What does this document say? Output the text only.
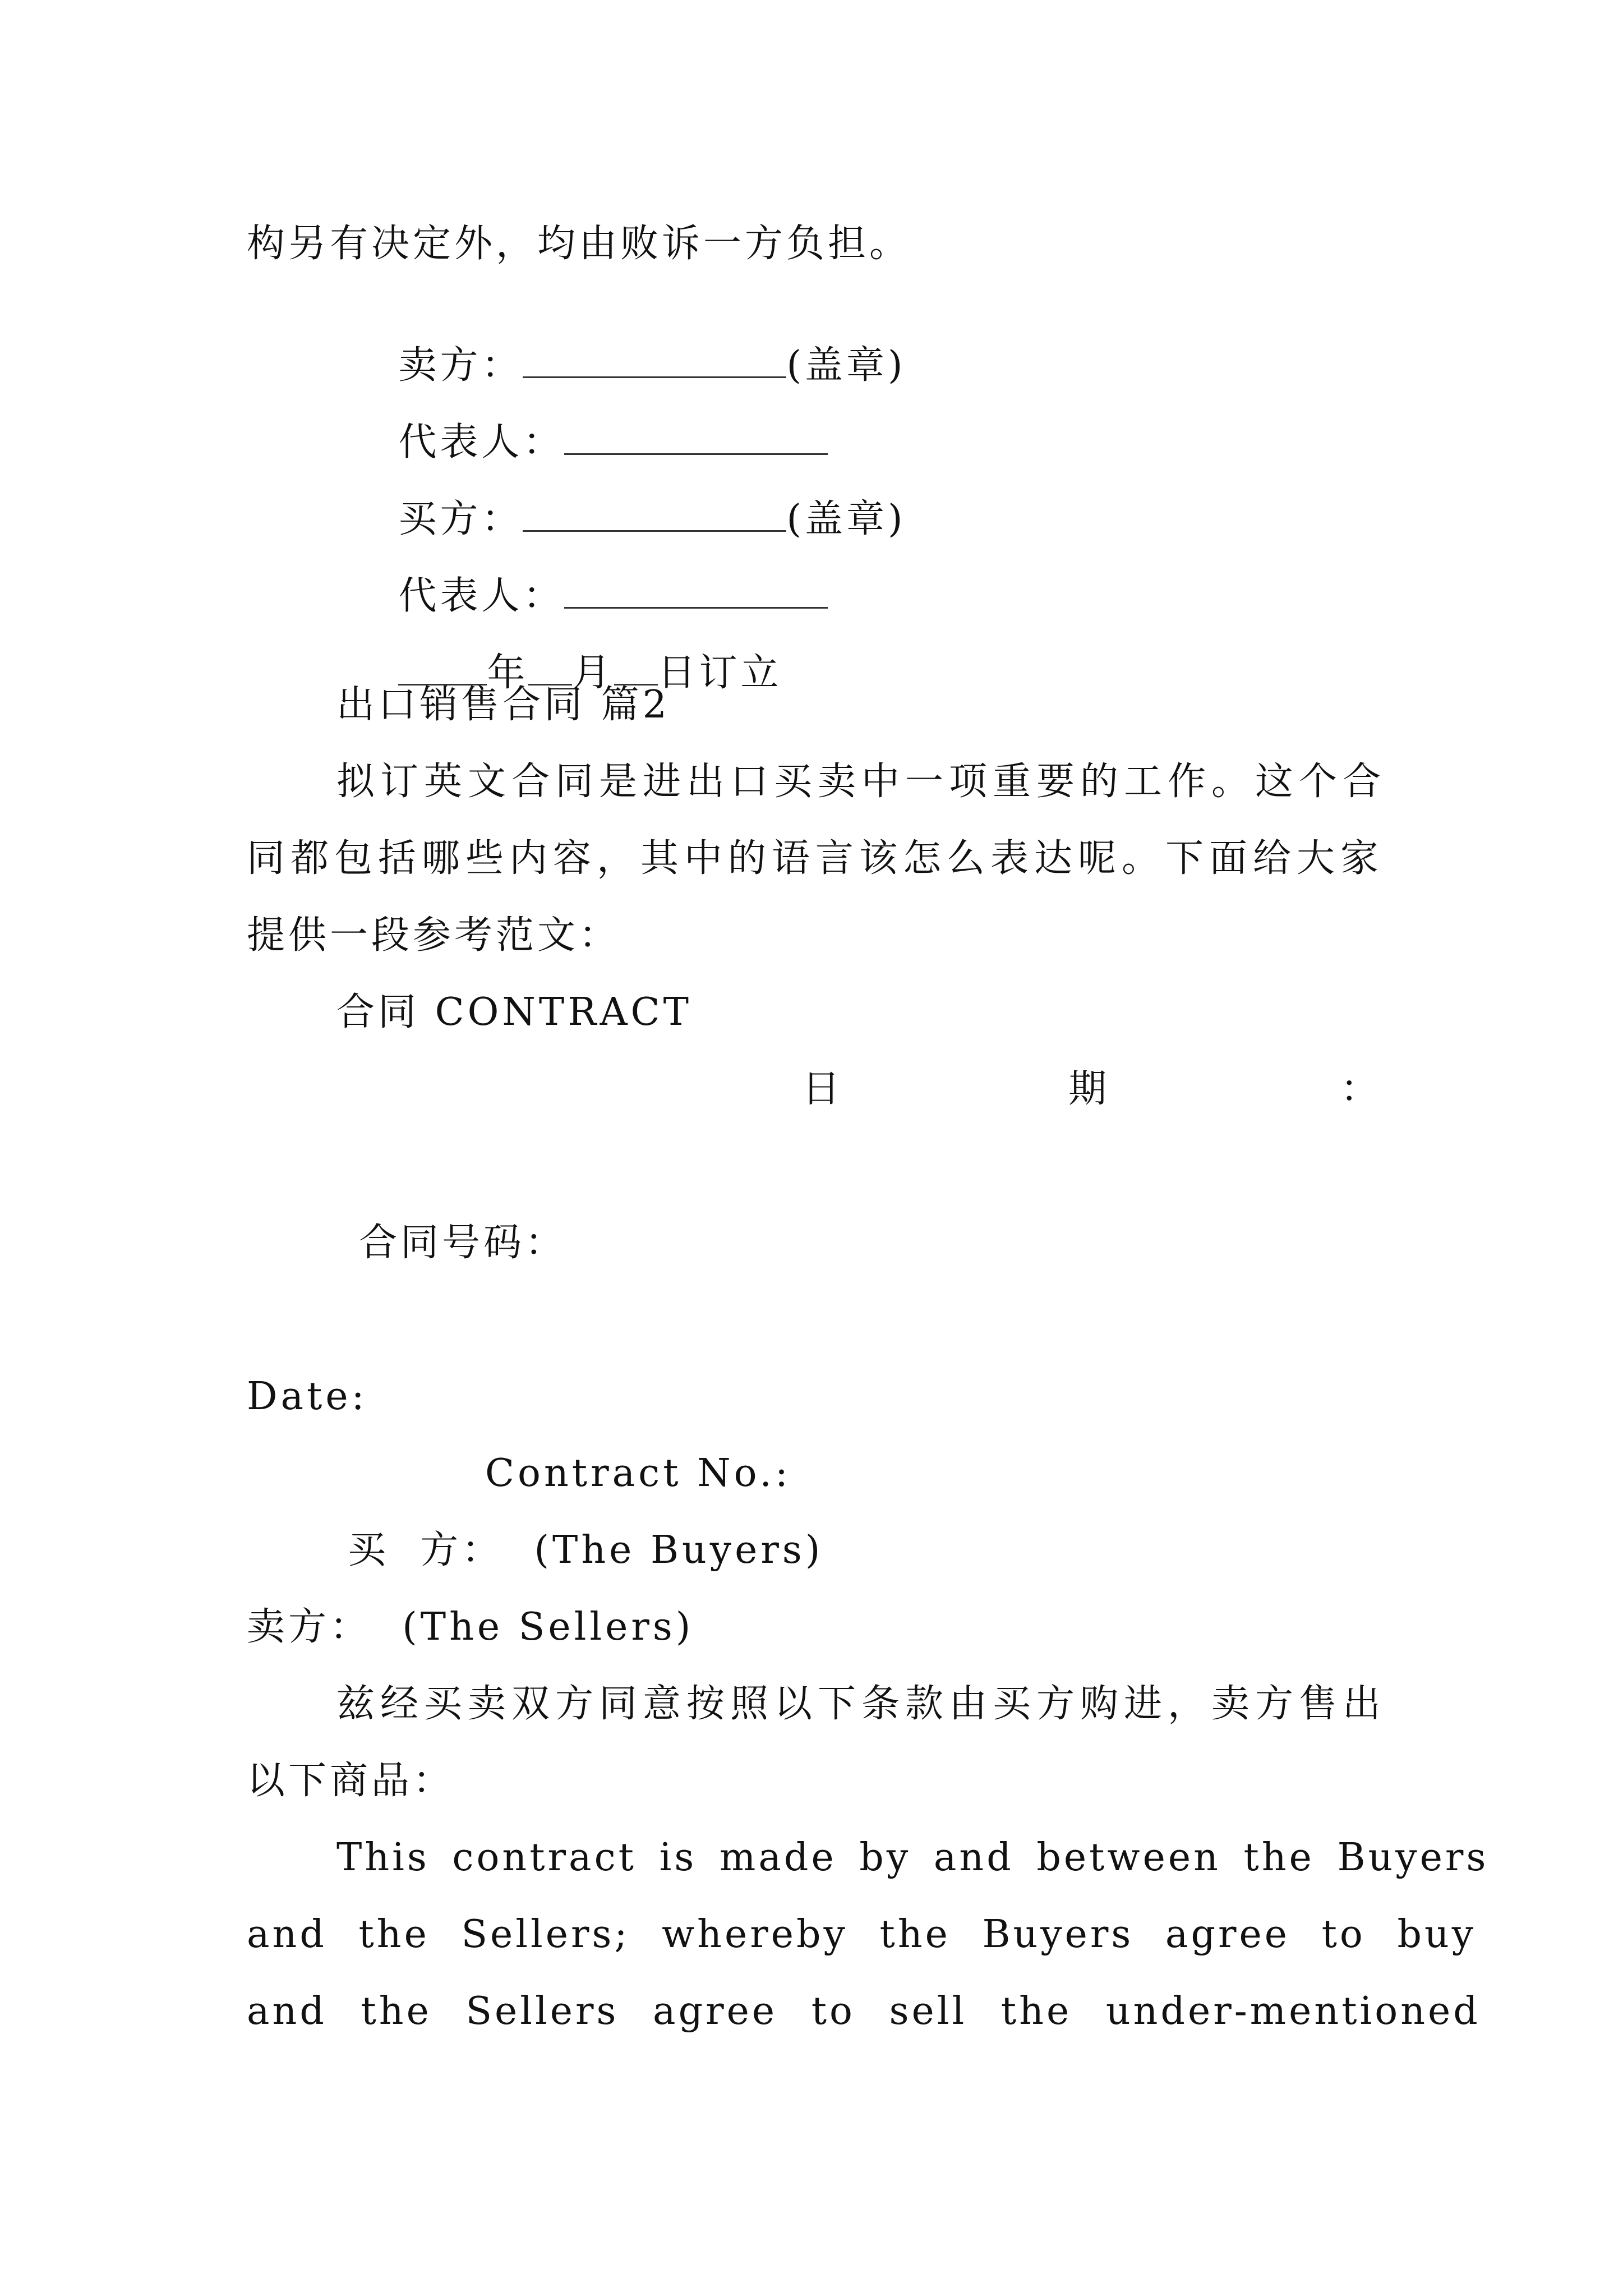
构另有决定外，均由败诉一方负担。

卖方：	(盖章)

代表人：

买方：	(盖章)

代表人：

年 月 日订立

出口销售合同 篇2
拟订英文合同是进出口买卖中一项重要的工作。这个合
同都包括哪些内容，其中的语言该怎么表达呢。下面给大家
提供一段参考范文：
合同 CONTRACT
日	期	：
合同号码：
Date:
Contract No.:
买  方：  (The Buyers)
卖方：  (The Sellers)
兹经买卖双方同意按照以下条款由买方购进，卖方售出
以下商品：
This contract is made by and between the Buyers
and the Sellers; whereby the Buyers agree to buy
and the Sellers agree to sell the under-mentioned
